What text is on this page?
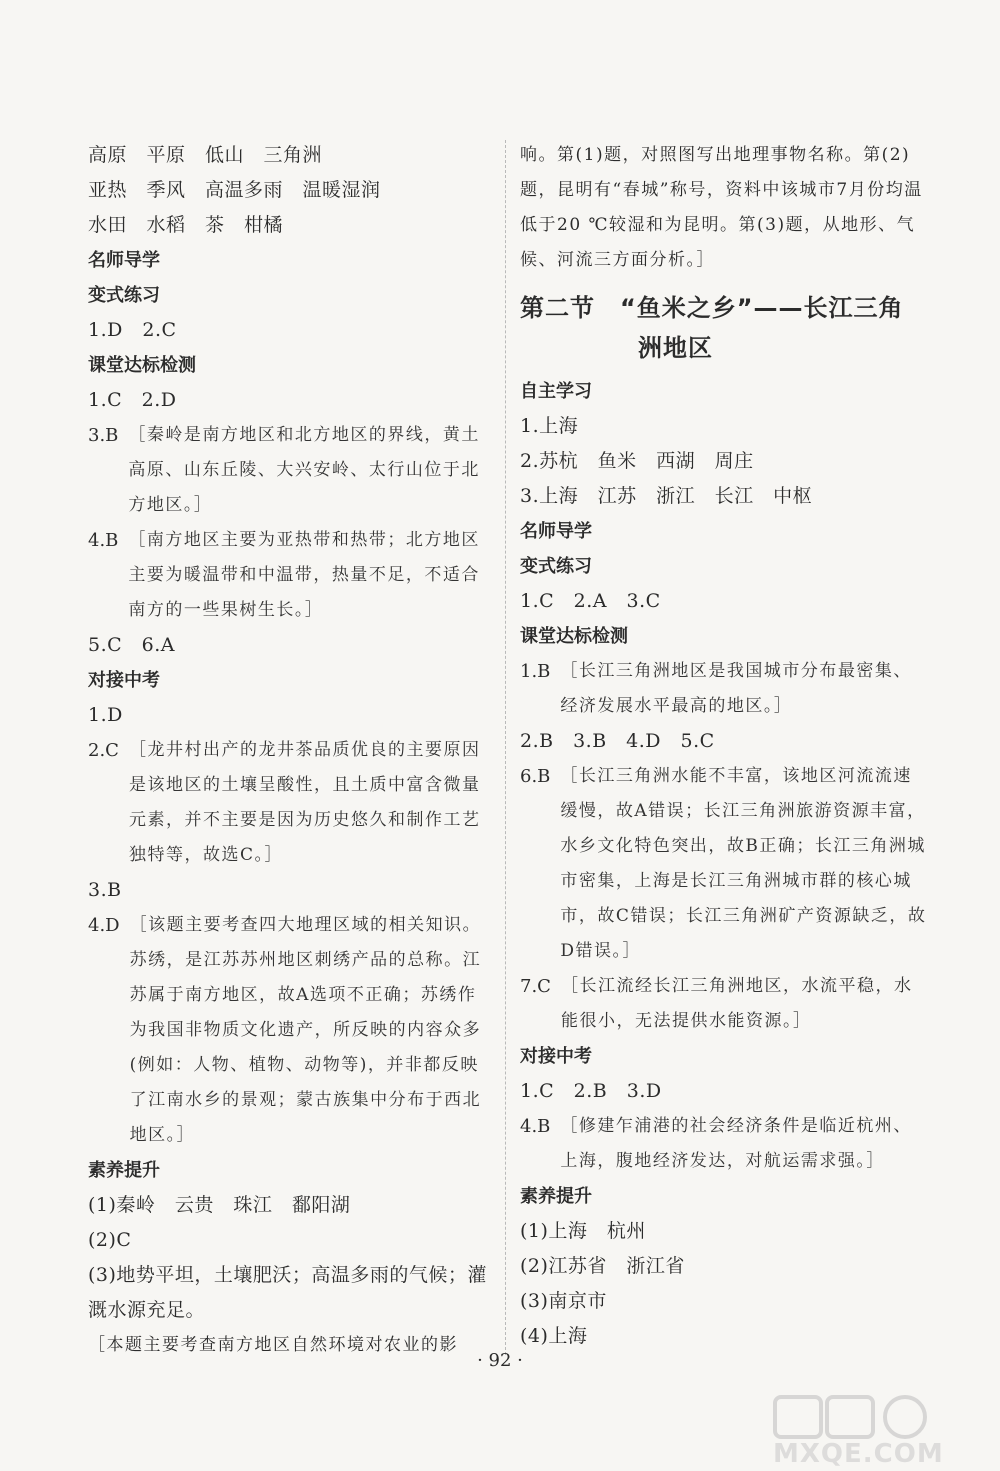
高原　平原　低山　三角洲
亚热　季风　高温多雨　温暖湿润
水田　水稻　茶　柑橘
名师导学
变式练习
1.D　2.C
课堂达标检测
1.C　2.D
3.B ［秦岭是南方地区和北方地区的界线，黄土高原、山东丘陵、大兴安岭、太行山位于北方地区。］
4.B ［南方地区主要为亚热带和热带；北方地区主要为暖温带和中温带，热量不足，不适合南方的一些果树生长。］
5.C　6.A
对接中考
1.D
2.C ［龙井村出产的龙井茶品质优良的主要原因是该地区的土壤呈酸性，且土质中富含微量元素，并不主要是因为历史悠久和制作工艺独特等，故选C。］
3.B
4.D ［该题主要考查四大地理区域的相关知识。苏绣，是江苏苏州地区刺绣产品的总称。江苏属于南方地区，故A选项不正确；苏绣作为我国非物质文化遗产，所反映的内容众多(例如：人物、植物、动物等)，并非都反映了江南水乡的景观；蒙古族集中分布于西北地区。］
素养提升
(1)秦岭　云贵　珠江　鄱阳湖
(2)C
(3)地势平坦，土壤肥沃；高温多雨的气候；灌溉水源充足。
［本题主要考查南方地区自然环境对农业的影
响。第(1)题，对照图写出地理事物名称。第(2)题，昆明有“春城”称号，资料中该城市7月份均温低于20 ℃较湿和为昆明。第(3)题，从地形、气候、河流三方面分析。］
第二节　“鱼米之乡”——长江三角
洲地区
自主学习
1.上海
2.苏杭　鱼米　西湖　周庄
3.上海　江苏　浙江　长江　中枢
名师导学
变式练习
1.C　2.A　3.C
课堂达标检测
1.B ［长江三角洲地区是我国城市分布最密集、经济发展水平最高的地区。］
2.B　3.B　4.D　5.C
6.B ［长江三角洲水能不丰富，该地区河流流速缓慢，故A错误；长江三角洲旅游资源丰富，水乡文化特色突出，故B正确；长江三角洲城市密集，上海是长江三角洲城市群的核心城市，故C错误；长江三角洲矿产资源缺乏，故D错误。］
7.C ［长江流经长江三角洲地区，水流平稳，水能很小，无法提供水能资源。］
对接中考
1.C　2.B　3.D
4.B ［修建乍浦港的社会经济条件是临近杭州、上海，腹地经济发达，对航运需求强。］
素养提升
(1)上海　杭州
(2)江苏省　浙江省
(3)南京市
(4)上海
· 92 ·
MXQE.COM
